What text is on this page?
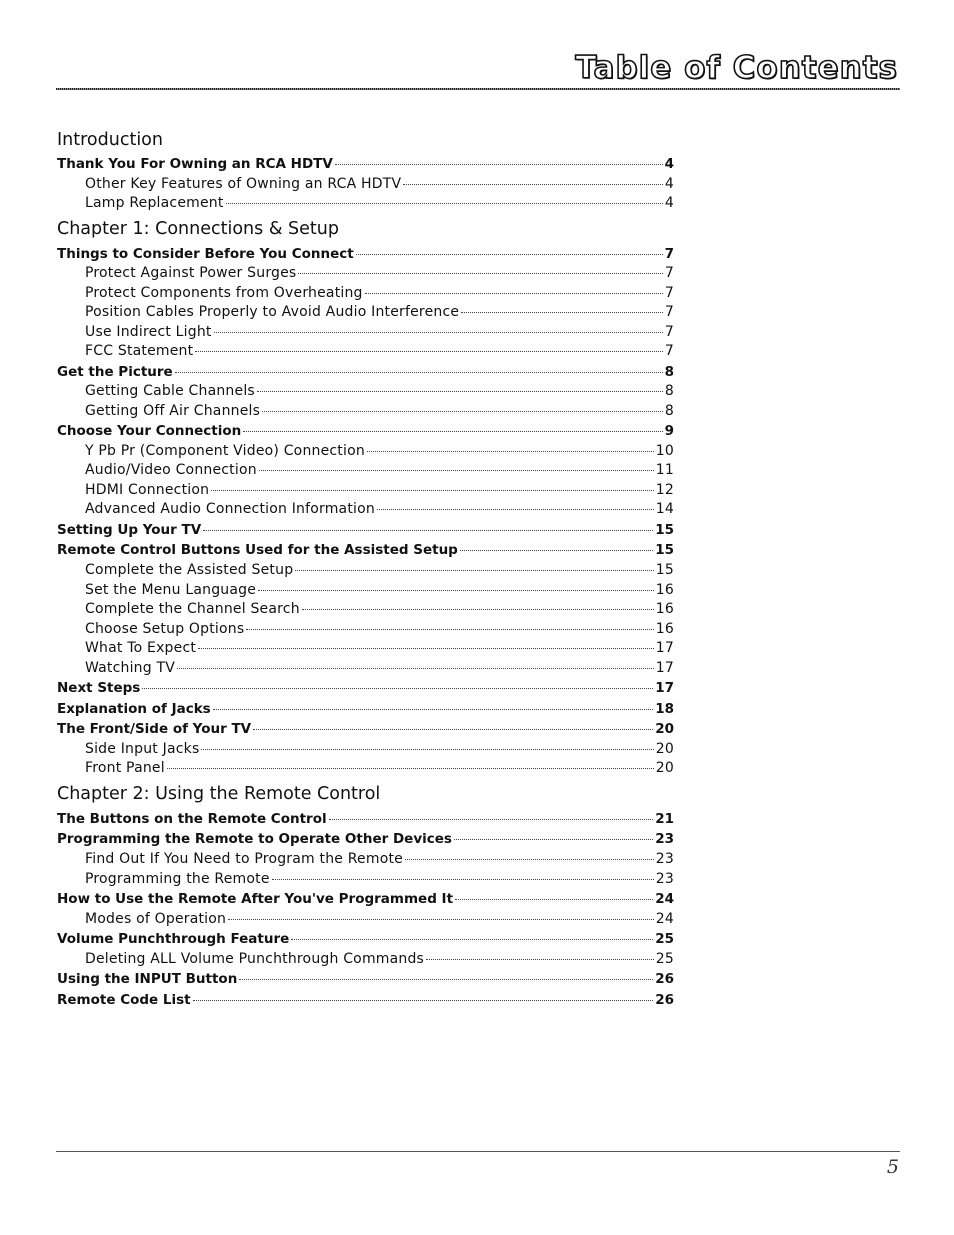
Table of Contents
Introduction
Thank You For Owning an RCA HDTV	4
Other Key Features of Owning an RCA HDTV	4
Lamp Replacement	4
Chapter 1: Connections & Setup
Things to Consider Before You Connect	7
Protect Against Power Surges	7
Protect Components from Overheating	7
Position Cables Properly to Avoid Audio Interference	7
Use Indirect Light	7
FCC Statement	7
Get the Picture	8
Getting Cable Channels	8
Getting Off Air Channels	8
Choose Your Connection	9
Y Pb Pr (Component Video) Connection	10
Audio/Video Connection	11
HDMI Connection	12
Advanced Audio Connection Information	14
Setting Up Your TV	15
Remote Control Buttons Used for the Assisted Setup	15
Complete the Assisted Setup	15
Set the Menu Language	16
Complete the Channel Search	16
Choose Setup Options	16
What To Expect	17
Watching TV	17
Next Steps	17
Explanation of Jacks	18
The Front/Side of Your TV	20
Side Input Jacks	20
Front Panel	20
Chapter 2: Using the Remote Control
The Buttons on the Remote Control	21
Programming the Remote to Operate Other Devices	23
Find Out If You Need to Program the Remote	23
Programming the Remote	23
How to Use the Remote After You've Programmed It	24
Modes of Operation	24
Volume Punchthrough Feature	25
Deleting ALL Volume Punchthrough Commands	25
Using the INPUT Button	26
Remote Code List	26
5
